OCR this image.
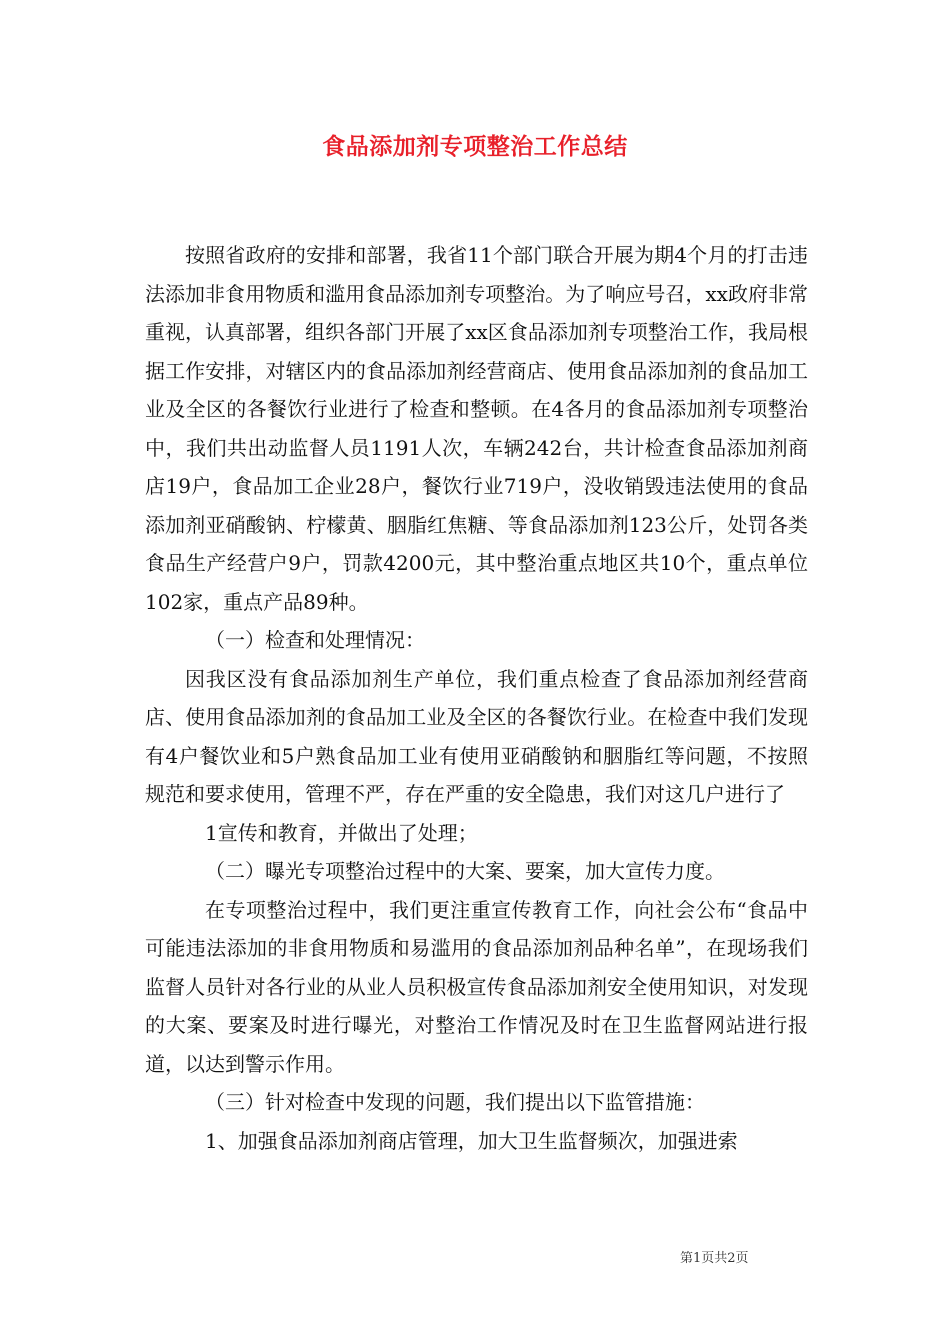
食品添加剂专项整治工作总结

按照省政府的安排和部署，我省11个部门联合开展为期4个月的打击违法添加非食用物质和滥用食品添加剂专项整治。为了响应号召，xx政府非常重视，认真部署，组织各部门开展了xx区食品添加剂专项整治工作，我局根据工作安排，对辖区内的食品添加剂经营商店、使用食品添加剂的食品加工业及全区的各餐饮行业进行了检查和整顿。在4各月的食品添加剂专项整治中，我们共出动监督人员1191人次，车辆242台，共计检查食品添加剂商店19户，食品加工企业28户，餐饮行业719户，没收销毁违法使用的食品添加剂亚硝酸钠、柠檬黄、胭脂红焦糖、等食品添加剂123公斤，处罚各类食品生产经营户9户，罚款4200元，其中整治重点地区共10个，重点单位102家，重点产品89种。

（一）检查和处理情况：

因我区没有食品添加剂生产单位，我们重点检查了食品添加剂经营商店、使用食品添加剂的食品加工业及全区的各餐饮行业。在检查中我们发现有4户餐饮业和5户熟食品加工业有使用亚硝酸钠和胭脂红等问题，不按照规范和要求使用，管理不严，存在严重的安全隐患，我们对这几户进行了

1宣传和教育，并做出了处理；

（二）曝光专项整治过程中的大案、要案，加大宣传力度。

在专项整治过程中，我们更注重宣传教育工作，向社会公布“食品中可能违法添加的非食用物质和易滥用的食品添加剂品种名单”，在现场我们监督人员针对各行业的从业人员积极宣传食品添加剂安全使用知识，对发现的大案、要案及时进行曝光，对整治工作情况及时在卫生监督网站进行报道，以达到警示作用。

（三）针对检查中发现的问题，我们提出以下监管措施：

1、加强食品添加剂商店管理，加大卫生监督频次，加强进索

第1页共2页
